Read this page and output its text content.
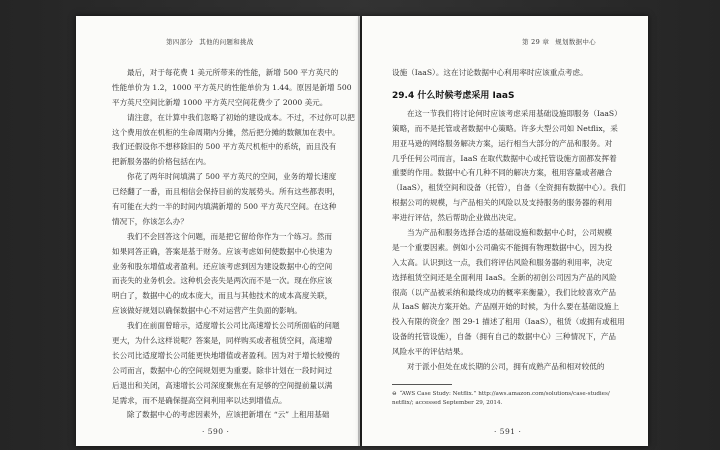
第四部分 其他的问题和挑战
最后，对于每花费 1 美元所带来的性能，新增 500 平方英尺的
性能单价为 1.2，1000 平方英尺的性能单价为 1.44。原因是新增 500
平方英尺空间比新增 1000 平方英尺空间花费少了 2000 美元。
请注意，在计算中我们忽略了初始的建设成本。不过，不过你可以把
这个费用放在机柜的生命周期内分摊，然后把分摊的数额加在表中。
我们还假设你不想移除旧的 500 平方英尺机柜中的系统，而且没有
把新服务器的价格包括在内。
你花了两年时间填满了 500 平方英尺的空间，业务的增长速度
已经翻了一番，而且相信会保持目前的发展势头。所有这些都表明，
有可能在大约一半的时间内填满新增的 500 平方英尺空间。在这种
情况下，你该怎么办？
我们不会回答这个问题，而是把它留给你作为一个练习。然而
如果同答正确，答案是基于财务。应该考虑如何使数据中心快速为
业务和股东增值或者盈利。还应该考虑到因为建设数据中心的空间
而丧失的业务机会。这种机会丧失是两次而不是一次。现在你应该
明白了，数据中心的成本庞大，而且与其他技术的成本高度关联，
应该做好规划以确保数据中心不对运营产生负面的影响。
我们在前面曾暗示，适度增长公司比高速增长公司所面临的问题
更大，为什么这样说呢？答案是，同样购买或者租赁空间，高速增
长公司比适度增长公司能更快地增值或者盈利。因为对于增长较慢的
公司而言，数据中心的空间规划更为重要。除非计划在一段时间过
后退出和关闭，高速增长公司深度聚焦在有足够的空间提前量以满
足需求，而不是确保提高空间利用率以达到增值点。
除了数据中心的考虑因素外，应该把新增在 “云” 上租用基础
· 590 ·
第 29 章 规划数据中心
设施（IaaS）。这在讨论数据中心利用率时应该重点考虑。
29.4 什么时候考虑采用 IaaS
在这一节我们将讨论何时应该考虑采用基础设施即服务（IaaS）
策略，而不是托管或者数据中心策略。许多大型公司如 Netflix，采
用亚马逊的网络服务解决方案，运行相当大部分的产品和服务。对
几乎任何公司而言，IaaS 在取代数据中心或托管设施方面都发挥着
重要的作用。数据中心有几种不同的解决方案，租用容量或者融合
（IaaS），租赁空间和设备（托管），自备（全资拥有数据中心）。我们
根据公司的规模，与产品相关的风险以及支持服务的服务器的利用
率进行评估，然后帮助企业做出决定。
当为产品和服务选择合适的基础设施和数据中心时，公司规模
是一个重要因素。例如小公司确实不能拥有物理数据中心，因为投
入太高。认识到这一点，我们将评估风险和服务器的利用率，决定
选择租赁空间还是全面利用 IaaS。全新的初创公司因为产品的风险
很高（以产品被采纳和最终成功的概率来衡量），我们比较喜欢产品
从 IaaS 解决方案开始。产品刚开始的时候，为什么要在基础设施上
投入有限的资金？图 29-1 描述了租用（IaaS），租赁（或拥有或租用
设备的托管设施），自备（拥有自己的数据中心）三种情况下，产品
风险水平的评估结果。
对于派小但处在成长期的公司，拥有成熟产品和相对较低的
⊖ “AWS Case Study: Netflix.” http://aws.amazon.com/solutions/case-studies/
netflix/; accessed September 29, 2014.
· 591 ·
